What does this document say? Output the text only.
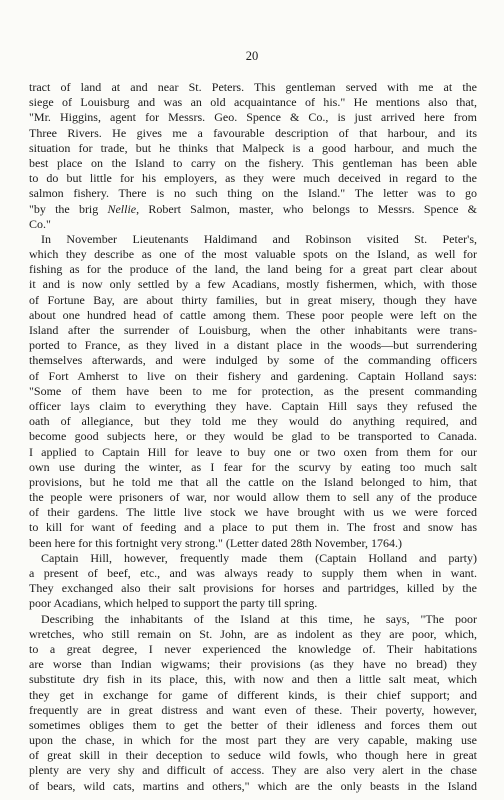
20
tract of land at and near St. Peters. This gentleman served with me at the
siege of Louisburg and was an old acquaintance of his." He mentions also that,
"Mr. Higgins, agent for Messrs. Geo. Spence & Co., is just arrived here from
Three Rivers. He gives me a favourable description of that harbour, and its
situation for trade, but he thinks that Malpeck is a good harbour, and much the
best place on the Island to carry on the fishery. This gentleman has been able
to do but little for his employers, as they were much deceived in regard to the
salmon fishery. There is no such thing on the Island." The letter was to go
"by the brig Nellie, Robert Salmon, master, who belongs to Messrs. Spence &
Co."
In November Lieutenants Haldimand and Robinson visited St. Peter's,
which they describe as one of the most valuable spots on the Island, as well for
fishing as for the produce of the land, the land being for a great part clear about
it and is now only settled by a few Acadians, mostly fishermen, which, with those
of Fortune Bay, are about thirty families, but in great misery, though they have
about one hundred head of cattle among them. These poor people were left on the
Island after the surrender of Louisburg, when the other inhabitants were trans-
ported to France, as they lived in a distant place in the woods—but surrendering
themselves afterwards, and were indulged by some of the commanding officers
of Fort Amherst to live on their fishery and gardening. Captain Holland says:
"Some of them have been to me for protection, as the present commanding
officer lays claim to everything they have. Captain Hill says they refused the
oath of allegiance, but they told me they would do anything required, and
become good subjects here, or they would be glad to be transported to Canada.
I applied to Captain Hill for leave to buy one or two oxen from them for our
own use during the winter, as I fear for the scurvy by eating too much salt
provisions, but he told me that all the cattle on the Island belonged to him, that
the people were prisoners of war, nor would allow them to sell any of the produce
of their gardens. The little live stock we have brought with us we were forced
to kill for want of feeding and a place to put them in. The frost and snow has
been here for this fortnight very strong." (Letter dated 28th November, 1764.)
Captain Hill, however, frequently made them (Captain Holland and party)
a present of beef, etc., and was always ready to supply them when in want.
They exchanged also their salt provisions for horses and partridges, killed by the
poor Acadians, which helped to support the party till spring.
Describing the inhabitants of the Island at this time, he says, "The poor
wretches, who still remain on St. John, are as indolent as they are poor, which,
to a great degree, I never experienced the knowledge of. Their habitations
are worse than Indian wigwams; their provisions (as they have no bread) they
substitute dry fish in its place, this, with now and then a little salt meat, which
they get in exchange for game of different kinds, is their chief support; and
frequently are in great distress and want even of these. Their poverty, however,
sometimes obliges them to get the better of their idleness and forces them out
upon the chase, in which for the most part they are very capable, making use
of great skill in their deception to seduce wild fowls, who though here in great
plenty are very shy and difficult of access. They are also very alert in the chase
of bears, wild cats, martins and others," which are the only beasts in the Island
